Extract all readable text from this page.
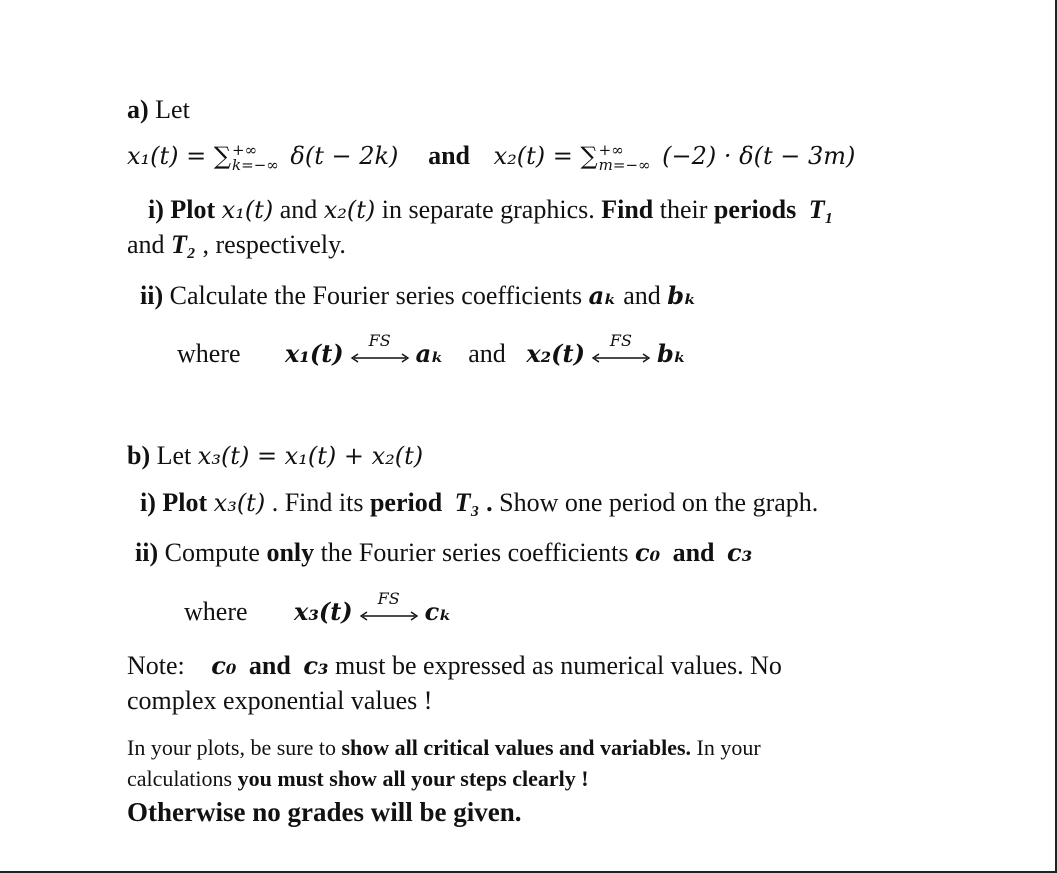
a) Let
x₁(t) = ∑ +∞
k=−∞ δ(t − 2k) and x₂(t) = ∑ +∞
m=−∞ (−2) · δ(t − 3m)
i) Plot x₁(t) and x₂(t) in separate graphics. Find their periods T₁
and T₂ , respectively.
ii) Calculate the Fourier series coefficients aₖ and bₖ
where x₁(t)	FS	aₖ and x₂(t)	FS	bₖ
b) Let x₃(t) = x₁(t) + x₂(t)
i) Plot x₃(t) . Find its period T₃ . Show one period on the graph.
ii) Compute only the Fourier series coefficients c₀ and c₃
where x₃(t)	FS	cₖ
Note: c₀ and c₃ must be expressed as numerical values. No
complex exponential values !
In your plots, be sure to show all critical values and variables. In your
calculations you must show all your steps clearly !
Otherwise no grades will be given.
